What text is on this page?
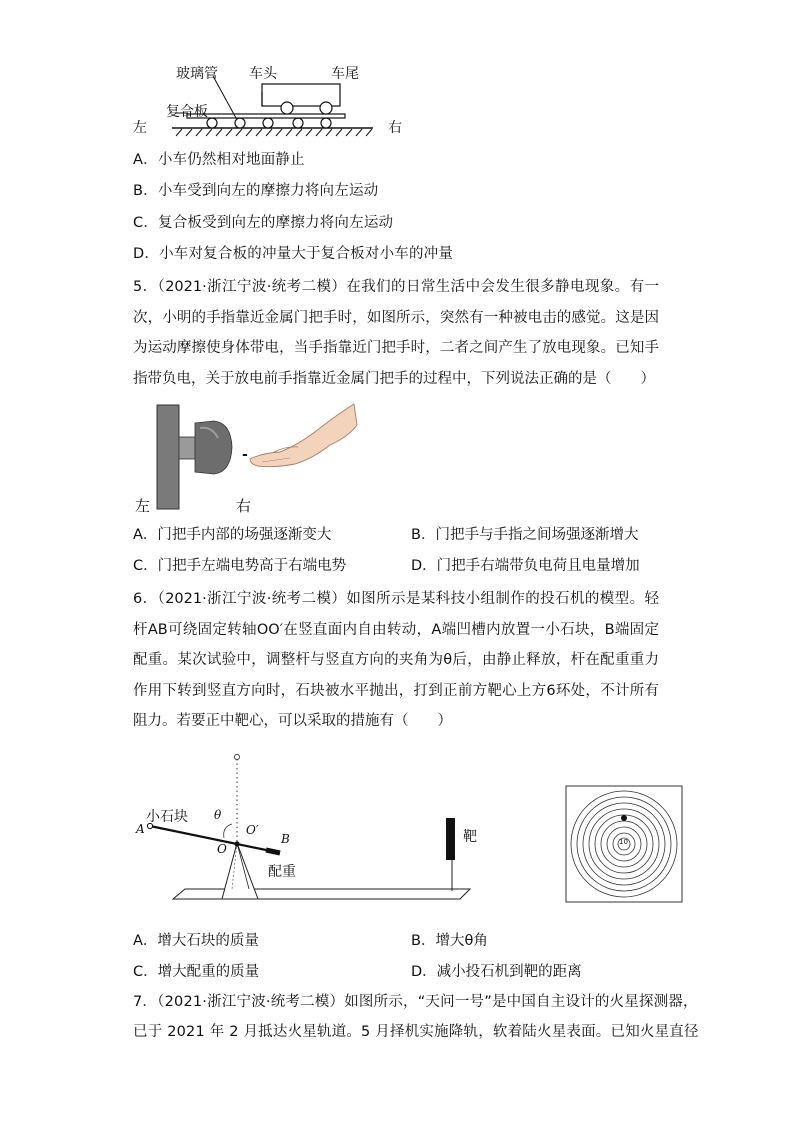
玻璃管 车头	车尾
复合板
左	右
A．小车仍然相对地面静止
B．小车受到向左的摩擦力将向左运动
C．复合板受到向左的摩擦力将向左运动
D．小车对复合板的冲量大于复合板对小车的冲量
5．（2021·浙江宁波·统考二模）在我们的日常生活中会发生很多静电现象。有一次，小明的手指靠近金属门把手时，如图所示，突然有一种被电击的感觉。这是因为运动摩擦使身体带电，当手指靠近门把手时，二者之间产生了放电现象。已知手指带负电，关于放电前手指靠近金属门把手的过程中，下列说法正确的是（　　）
-
左	右
A．门把手内部的场强逐渐变大	B．门把手与手指之间场强逐渐增大
C．门把手左端电势高于右端电势	D．门把手右端带负电荷且电量增加
6．（2021·浙江宁波·统考二模）如图所示是某科技小组制作的投石机的模型。轻杆AB可绕固定转轴OO′在竖直面内自由转动，A端凹槽内放置一小石块，B端固定配重。某次试验中，调整杆与竖直方向的夹角为θ后，由静止释放，杆在配重重力作用下转到竖直方向时，石块被水平抛出，打到正前方靶心上方6环处，不计所有阻力。若要正中靶心，可以采取的措施有（　　）
小石块
A
θ
O′
O
B
配重
靶	10
A．增大石块的质量	B．增大θ角
C．增大配重的质量	D．减小投石机到靶的距离
7．（2021·浙江宁波·统考二模）如图所示，“天问一号”是中国自主设计的火星探测器，
已于 2021 年 2 月抵达火星轨道。5 月择机实施降轨，软着陆火星表面。已知火星直径
